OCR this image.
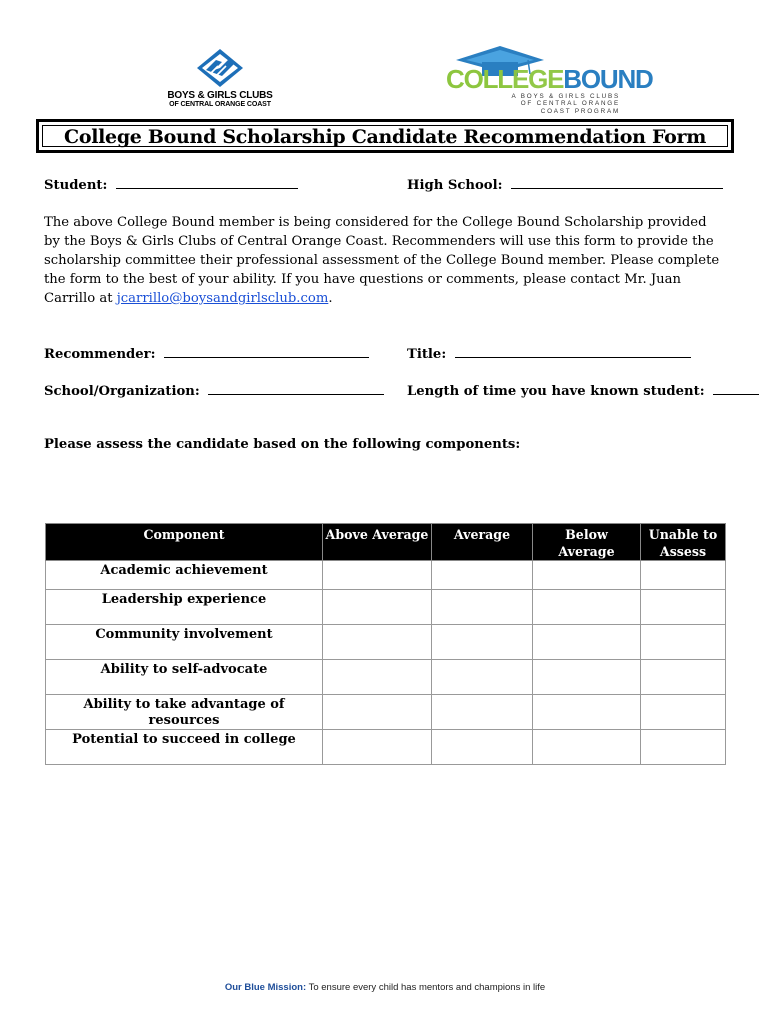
BOYS & GIRLS CLUBS
OF CENTRAL ORANGE COAST
COLLEGEBOUND
A BOYS & GIRLS CLUBS
OF CENTRAL ORANGE
COAST PROGRAM
College Bound Scholarship Candidate Recommendation Form
Student:	High School:
The above College Bound member is being considered for the College Bound Scholarship provided by the Boys & Girls Clubs of Central Orange Coast. Recommenders will use this form to provide the scholarship committee their professional assessment of the College Bound member. Please complete the form to the best of your ability. If you have questions or comments, please contact Mr. Juan Carrillo at jcarrillo@boysandgirlsclub.com.
Recommender:	Title:
School/Organization:	Length of time you have known student:
Please assess the candidate based on the following components:
Component	Above Average	Average	Below Average	Unable to Assess
Academic achievement				
Leadership experience				
Community involvement				
Ability to self-advocate				
Ability to take advantage of resources				
Potential to succeed in college				
Our Blue Mission: To ensure every child has mentors and champions in life
